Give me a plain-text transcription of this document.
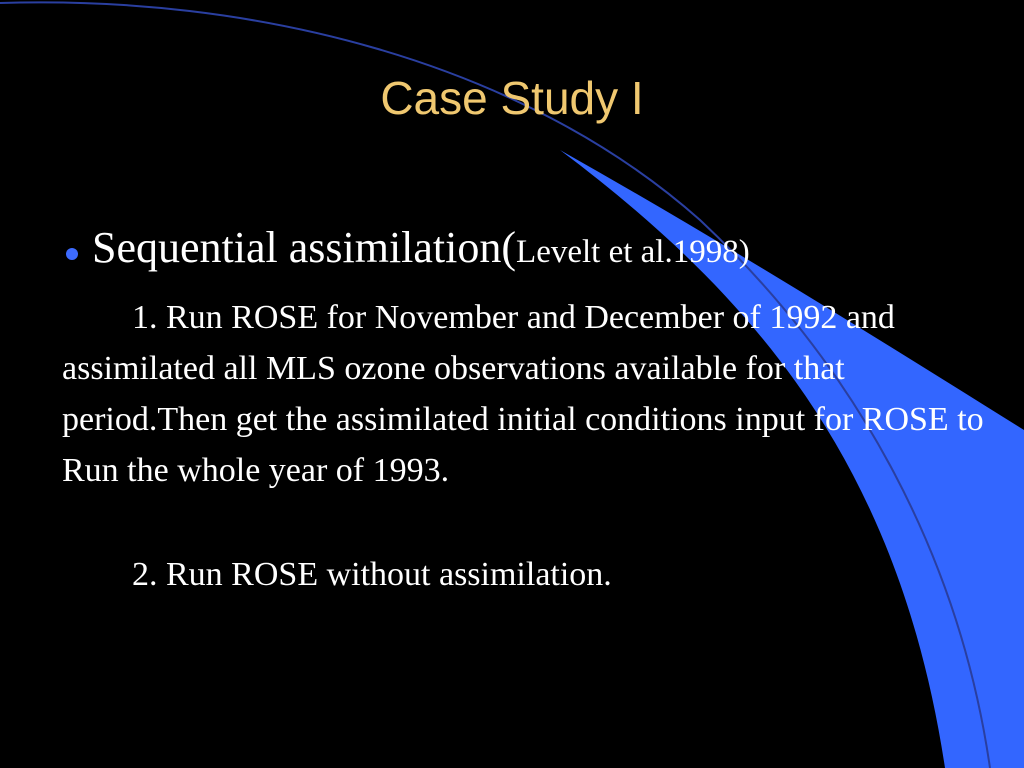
Case Study I
Sequential assimilation(Levelt et al.1998)
1. Run ROSE for November and December of 1992 and assimilated all MLS ozone observations available for that period.Then get the assimilated initial conditions input for ROSE to Run the whole year of 1993.
2. Run ROSE without assimilation.
